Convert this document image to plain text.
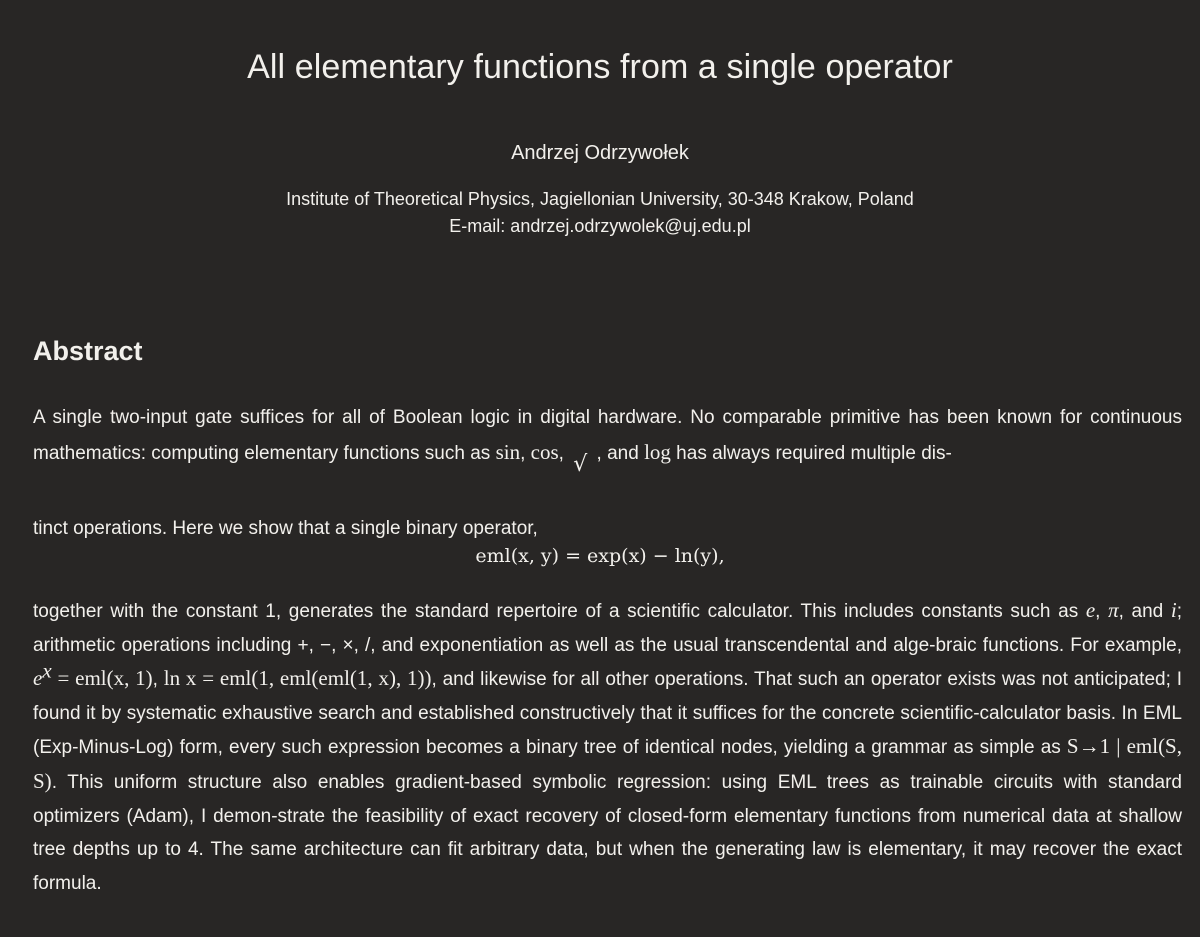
All elementary functions from a single operator
Andrzej Odrzywołek
Institute of Theoretical Physics, Jagiellonian University, 30-348 Krakow, Poland
E-mail: andrzej.odrzywolek@uj.edu.pl
Abstract
A single two-input gate suffices for all of Boolean logic in digital hardware. No comparable primitive has been known for continuous mathematics: computing elementary functions such as sin, cos, √ , and log has always required multiple dis-
tinct operations. Here we show that a single binary operator,
eml(x, y) = exp(x) − ln(y),
together with the constant 1, generates the standard repertoire of a scientific calculator. This includes constants such as e, π, and i; arithmetic operations including +, −, ×, /, and exponentiation as well as the usual transcendental and alge-braic functions. For example, $e^x = eml(x$, 1), ln x = eml(1, eml(eml(1, x), 1)), and likewise for all other operations. That such an operator exists was not anticipated; I found it by systematic exhaustive search and established constructively that it suffices for the concrete scientific-calculator basis. In EML (Exp-Minus-Log) form, every such expression becomes a binary tree of identical nodes, yielding a grammar as simple as S→1 | eml(S, S). This uniform structure also enables gradient-based symbolic regression: using EML trees as trainable circuits with standard optimizers (Adam), I demon-strate the feasibility of exact recovery of closed-form elementary functions from numerical data at shallow tree depths up to 4. The same architecture can fit arbitrary data, but when the generating law is elementary, it may recover the exact formula.
